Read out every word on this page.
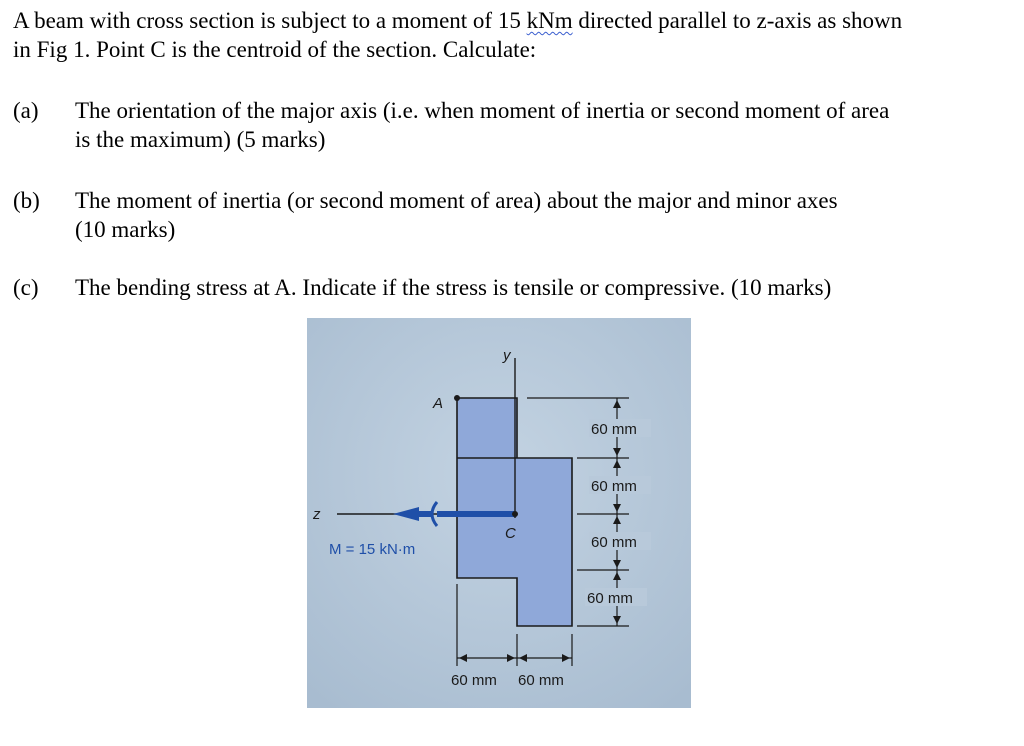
A beam with cross section is subject to a moment of 15 kNm directed parallel to z-axis as shown
in Fig 1. Point C is the centroid of the section. Calculate:
(a) The orientation of the major axis (i.e. when moment of inertia or second moment of area
is the maximum) (5 marks)
(b) The moment of inertia (or second moment of area) about the major and minor axes
(10 marks)
(c) The bending stress at A. Indicate if the stress is tensile or compressive. (10 marks)
y
z
C
A
M = 15 kN·m
60 mm
60 mm
60 mm
60 mm
60 mm 60 mm
